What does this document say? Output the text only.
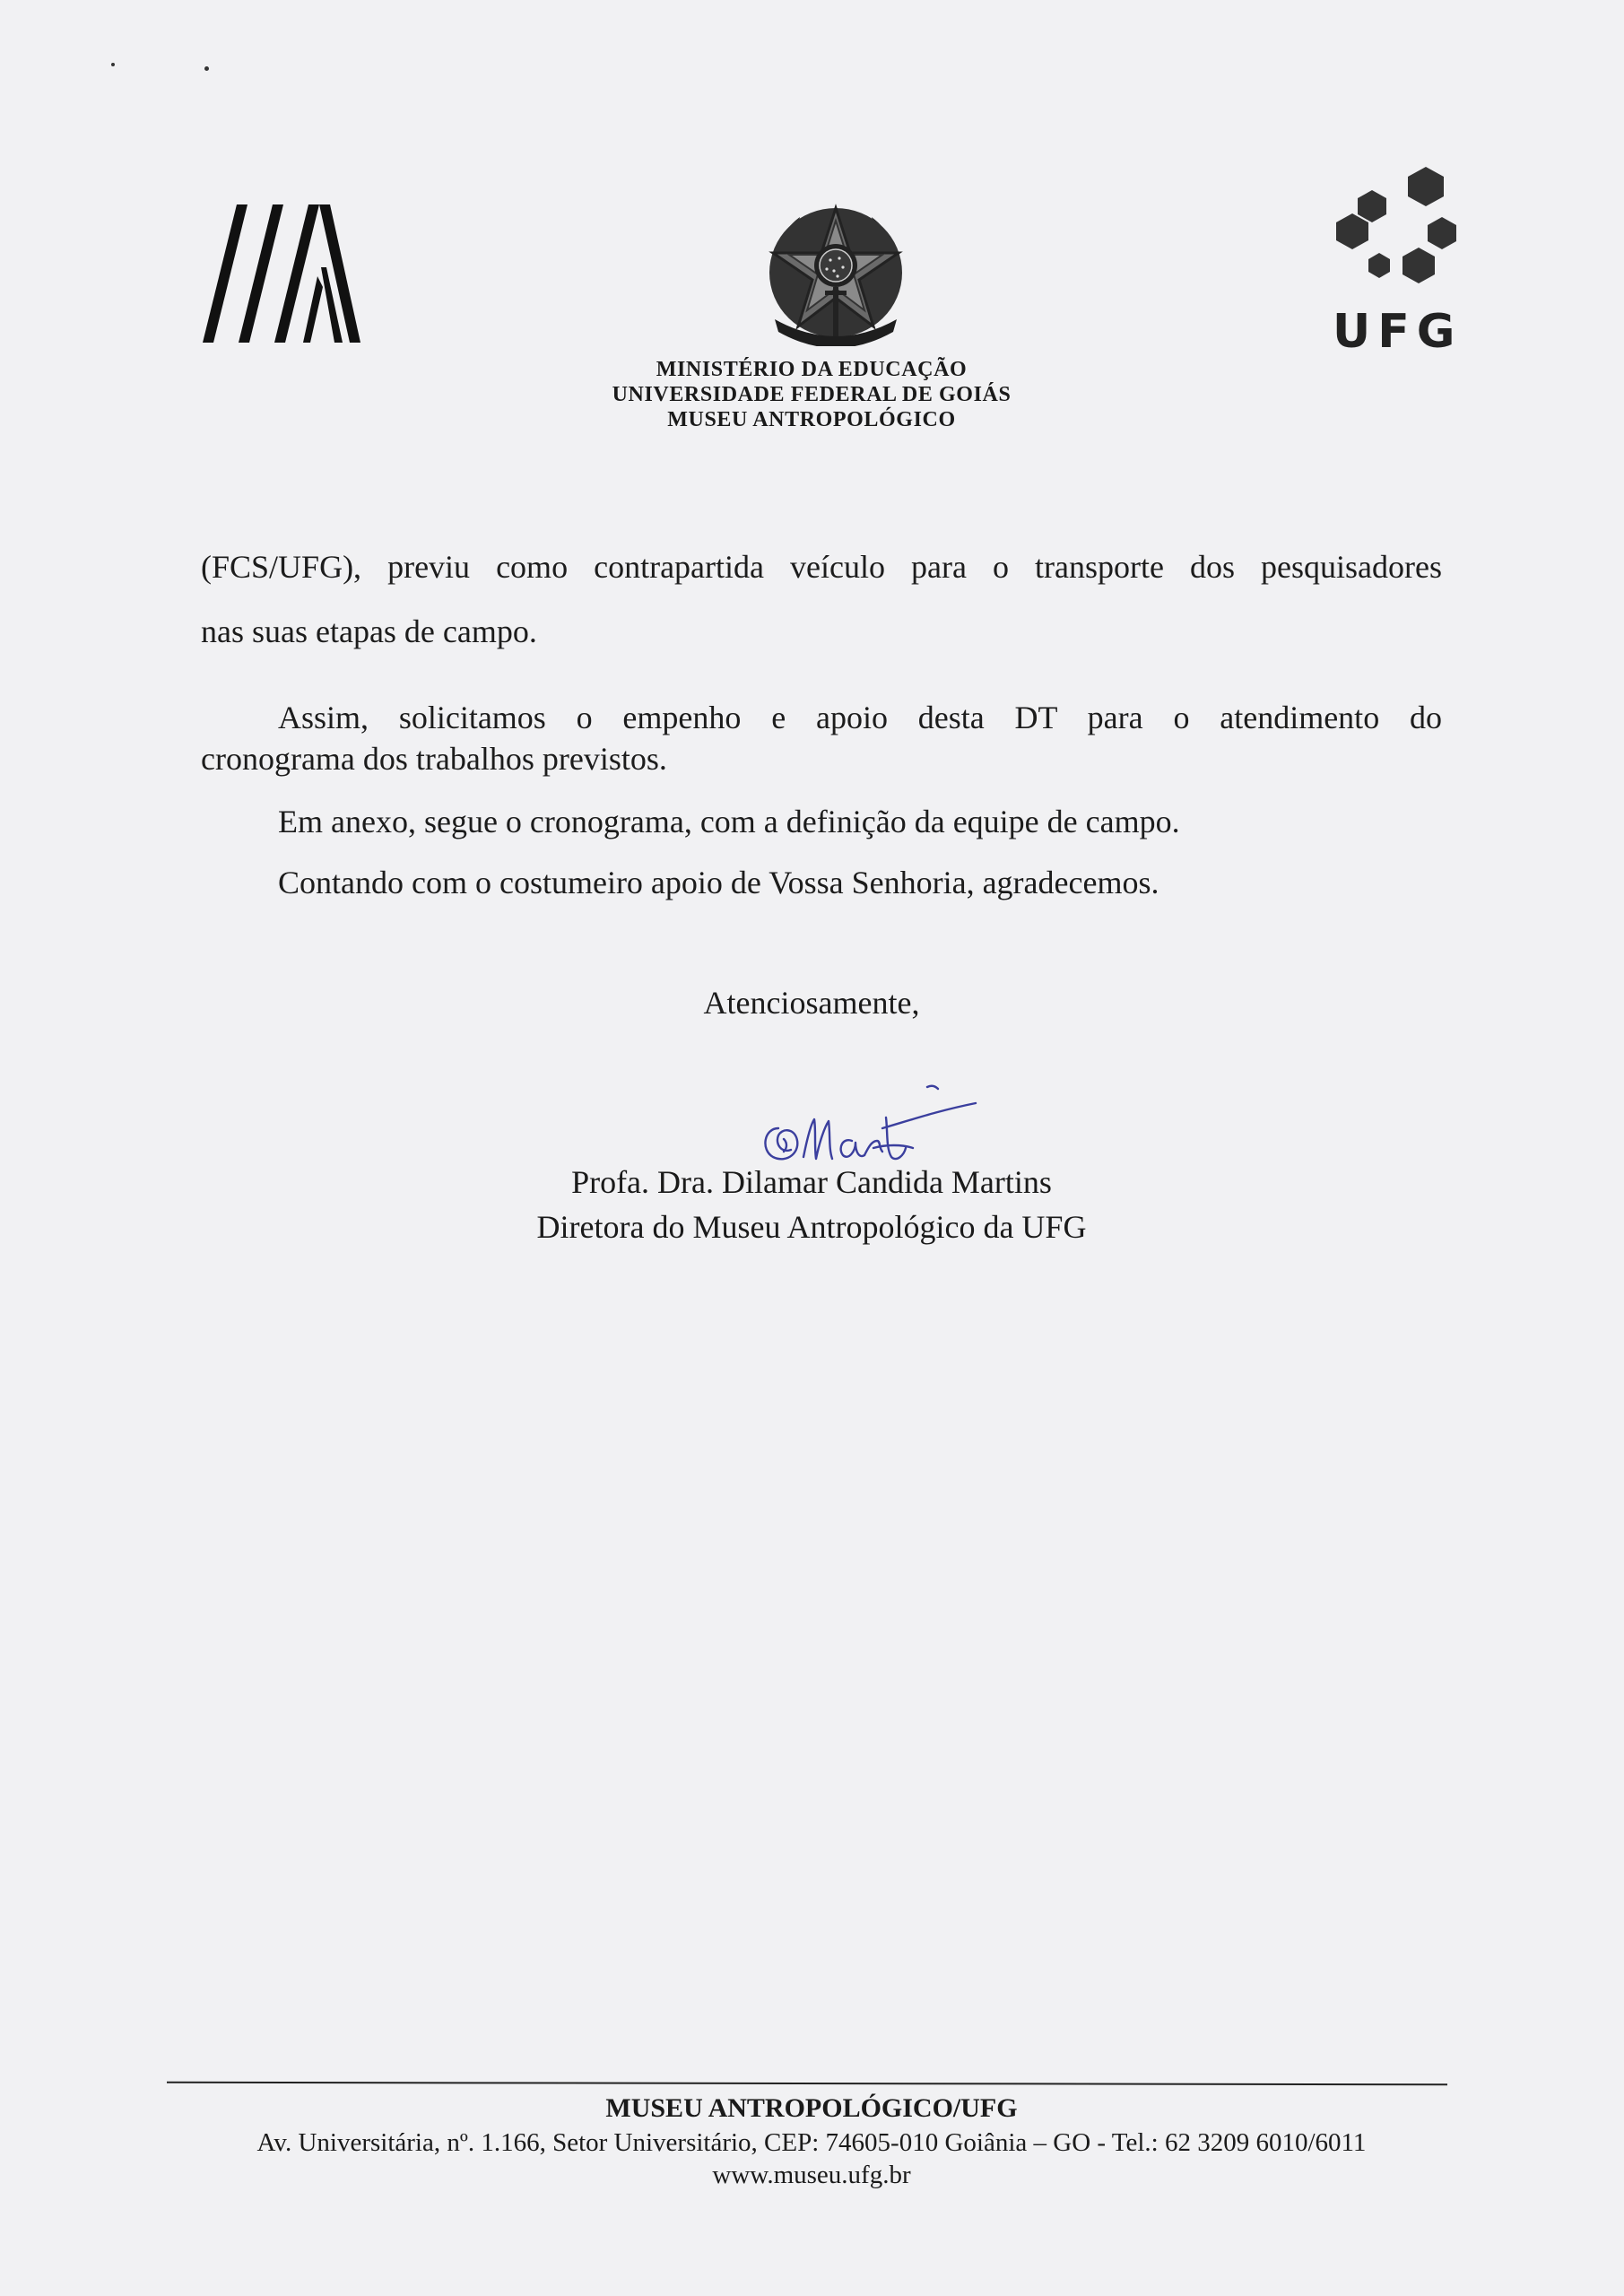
UFG
MINISTÉRIO DA EDUCAÇÃO
UNIVERSIDADE FEDERAL DE GOIÁS
MUSEU ANTROPOLÓGICO
(FCS/UFG), previu como contrapartida veículo para o transporte dos pesquisadores
nas suas etapas de campo.
Assim, solicitamos o empenho e apoio desta DT para o atendimento do
cronograma dos trabalhos previstos.
Em anexo, segue o cronograma, com a definição da equipe de campo.
Contando com o costumeiro apoio de Vossa Senhoria, agradecemos.
Atenciosamente,
Profa. Dra. Dilamar Candida Martins
Diretora do Museu Antropológico da UFG
MUSEU ANTROPOLÓGICO/UFG
Av. Universitária, nº. 1.166, Setor Universitário, CEP: 74605-010 Goiânia – GO - Tel.: 62 3209 6010/6011
www.museu.ufg.br
